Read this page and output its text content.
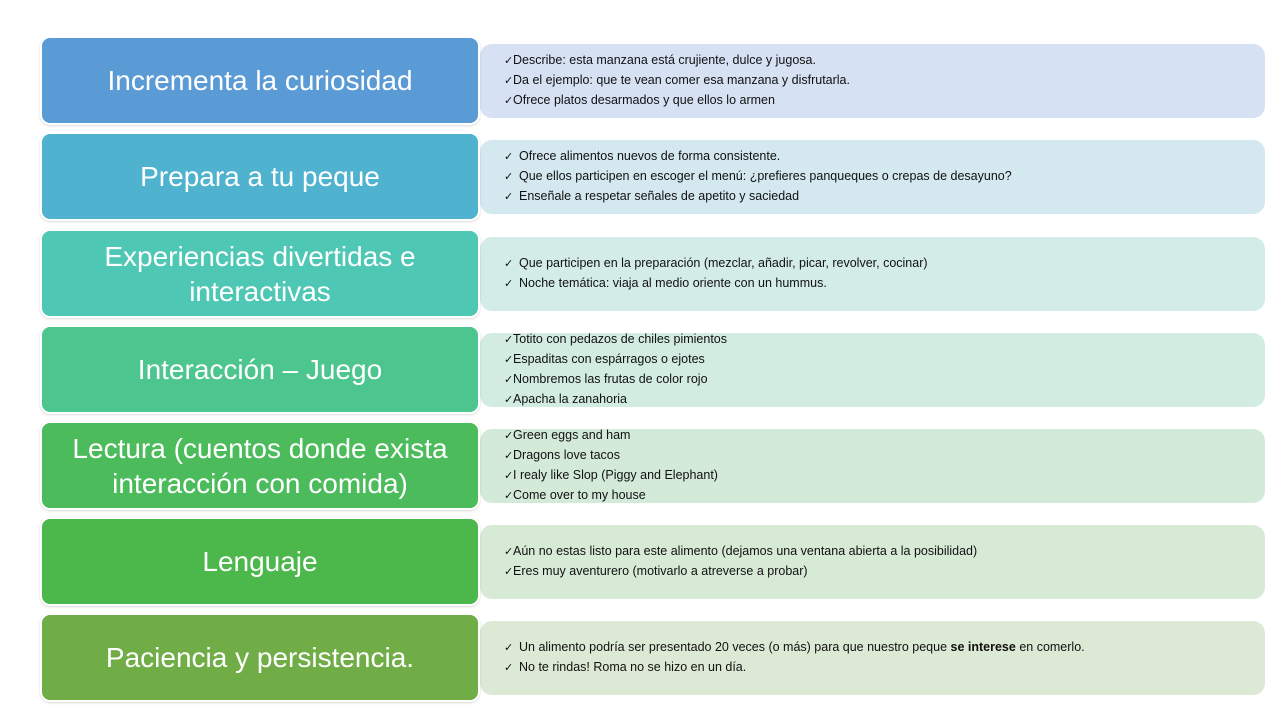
✓ Describe: esta manzana está crujiente, dulce y jugosa.
✓ Da el ejemplo: que te vean comer esa manzana y disfrutarla.
✓ Ofrece platos desarmados y que ellos lo armen
Incrementa la curiosidad
✓ Ofrece alimentos nuevos de forma consistente.
✓ Que ellos participen en escoger el menú: ¿prefieres panqueques o crepas de desayuno?
✓ Enseñale a respetar señales de apetito y saciedad
Prepara a tu peque
✓ Que participen en la preparación (mezclar, añadir, picar, revolver, cocinar)
✓ Noche temática: viaja al medio oriente con un hummus.
Experiencias divertidas e interactivas
✓ Totito con pedazos de chiles pimientos
✓ Espaditas con espárragos o ejotes
✓ Nombremos las frutas de color rojo
✓ Apacha la zanahoria
Interacción – Juego
✓ Green eggs and ham
✓ Dragons love tacos
✓ I realy like Slop (Piggy and Elephant)
✓ Come over to my house
Lectura (cuentos donde exista interacción con comida)
✓ Aún no estas listo para este alimento (dejamos una ventana abierta a la posibilidad)
✓ Eres muy aventurero (motivarlo a atreverse a probar)
Lenguaje
✓ Un alimento podría ser presentado 20 veces (o más) para que nuestro peque se interese en comerlo.
✓ No te rindas! Roma no se hizo en un día.
Paciencia y persistencia.
